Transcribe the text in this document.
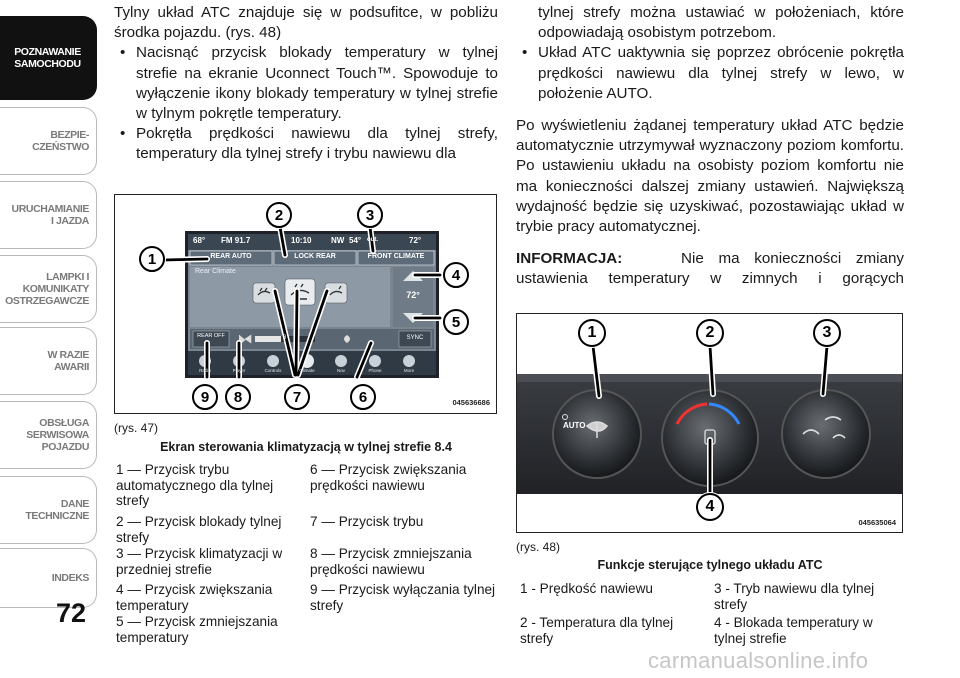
POZNAWANIE
SAMOCHODU
BEZPIE-
CZEŃSTWO
URUCHAMIANIE
I JAZDA
LAMPKI I
KOMUNIKATY
OSTRZEGAWCZE
W RAZIE
AWARII
OBSŁUGA
SERWISOWA
POJAZDU
DANE
TECHNICZNE
INDEKS
72

Tylny układ ATC znajduje się w podsufitce, w pobliżu środka pojazdu. (rys. 48)

• Nacisnąć przycisk blokady temperatury w tylnej strefie na ekranie Uconnect Touch™. Spowoduje to wyłączenie ikony blokady temperatury w tylnej strefie w tylnym pokrętle temperatury.

• Pokrętła prędkości nawiewu dla tylnej strefy, temperatury dla tylnej strefy i trybu nawiewu dla

68° FM 91.7	10:10 NW 54° out.	72°
REAR AUTO	LOCK REAR	FRONT CLIMATE
Rear Climate
72°
REAR OFF	3	SYNC
Radio	Player	Controls	Climate	Nav	Phone	More
1
2	3
4
5
6
7
8
9	045636686
(rys. 47)
Ekran sterowania klimatyzacją w tylnej strefie 8.4
1 — Przycisk trybu automatycznego dla tylnej strefy
2 — Przycisk blokady tylnej strefy
3 — Przycisk klimatyzacji w przedniej strefie
4 — Przycisk zwiększania temperatury
5 — Przycisk zmniejszania temperatury
6 — Przycisk zwiększania prędkości nawiewu
7 — Przycisk trybu
8 — Przycisk zmniejszania prędkości nawiewu
9 — Przycisk wyłączania tylnej strefy

tylnej strefy można ustawiać w położeniach, które odpowiadają osobistym potrzebom.

• Układ ATC uaktywnia się poprzez obrócenie pokrętła prędkości nawiewu dla tylnej strefy w lewo, w położenie AUTO.

Po wyświetleniu żądanej temperatury układ ATC będzie automatycznie utrzymywał wyznaczony poziom komfortu. Po ustawieniu układu na osobisty poziom komfortu nie ma konieczności dalszej zmiany ustawień. Największą wydajność będzie się uzyskiwać, pozostawiając układ w trybie pracy automatycznej.

INFORMACJA:	Nie ma konieczności zmiany ustawienia temperatury w zimnych i gorących

AUTO
1	2	3
4
045635064
(rys. 48)
Funkcje sterujące tylnego układu ATC
1 - Prędkość nawiewu
2 - Temperatura dla tylnej strefy
3 - Tryb nawiewu dla tylnej strefy
4 - Blokada temperatury w tylnej strefie
carmanualsonline.info
